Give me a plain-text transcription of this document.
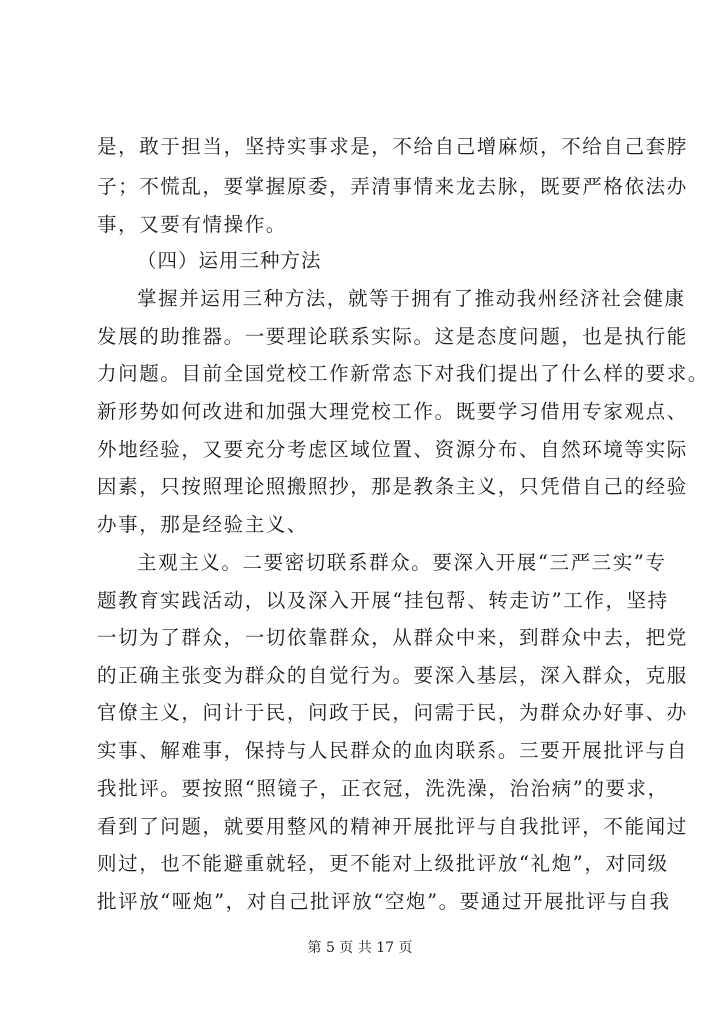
是，敢于担当，坚持实事求是，不给自己增麻烦，不给自己套脖
子；不慌乱，要掌握原委，弄清事情来龙去脉，既要严格依法办
事，又要有情操作。
（四）运用三种方法
掌握并运用三种方法，就等于拥有了推动我州经济社会健康
发展的助推器。一要理论联系实际。这是态度问题，也是执行能
力问题。目前全国党校工作新常态下对我们提出了什么样的要求。
新形势如何改进和加强大理党校工作。既要学习借用专家观点、
外地经验，又要充分考虑区域位置、资源分布、自然环境等实际
因素，只按照理论照搬照抄，那是教条主义，只凭借自己的经验
办事，那是经验主义、
主观主义。二要密切联系群众。要深入开展“三严三实”专
题教育实践活动，以及深入开展“挂包帮、转走访”工作，坚持
一切为了群众，一切依靠群众，从群众中来，到群众中去，把党
的正确主张变为群众的自觉行为。要深入基层，深入群众，克服
官僚主义，问计于民，问政于民，问需于民，为群众办好事、办
实事、解难事，保持与人民群众的血肉联系。三要开展批评与自
我批评。要按照“照镜子，正衣冠，洗洗澡，治治病”的要求，
看到了问题，就要用整风的精神开展批评与自我批评，不能闻过
则过，也不能避重就轻，更不能对上级批评放“礼炮”，对同级
批评放“哑炮”，对自己批评放“空炮”。要通过开展批评与自我
第 5 页 共 17 页
